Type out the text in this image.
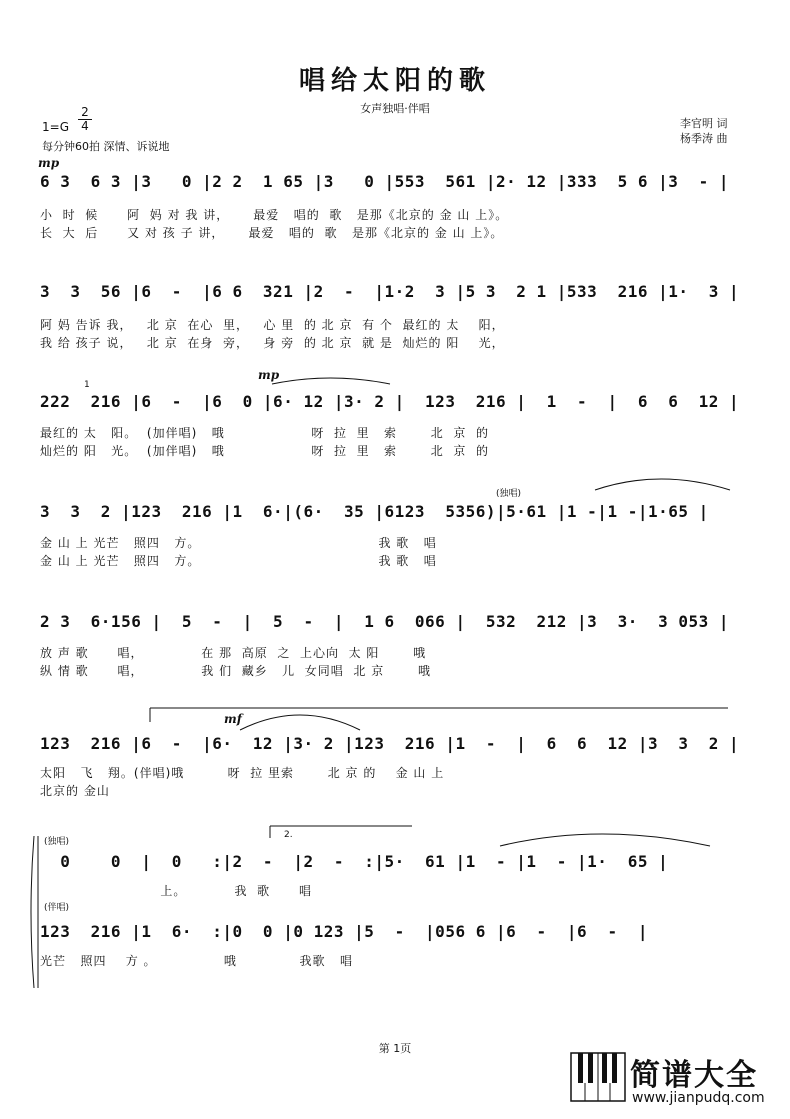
唱给太阳的歌
女声独唱·伴唱
1=G
2
4
每分钟60拍 深情、诉说地
李官明 词
杨季涛 曲
mp
mp
mf
(独唱)
(独唱)
(伴唱)
2.
1
6 3  6 3 |3   0 |2 2  1 65 |3   0 |553  561 |2· 12 |333  5 6 |3  - |
小  时  候      阿  妈 对 我 讲，     最爱   唱的  歌   是那《北京的 金 山 上》。
长  大  后      又 对 孩 子 讲，     最爱   唱的  歌   是那《北京的 金 山 上》。
3  3  56 |6  -  |6 6  321 |2  -  |1·2  3 |5 3  2 1 |533  216 |1·  3 |
阿 妈 告诉 我，   北 京  在心  里，   心 里  的 北 京  有 个  最红的 太    阳，
我 给 孩子 说，   北 京  在身  旁，   身 旁  的 北 京  就 是  灿烂的 阳    光，
222  216 |6  -  |6  0 |6· 12 |3· 2 |  123  216 |  1  -  |  6  6  12 |
最红的 太   阳。  (加伴唱)   哦                  呀  拉  里   索       北  京  的
灿烂的 阳   光。  (加伴唱)   哦                  呀  拉  里   索       北  京  的
3  3  2 |123  216 |1  6·|(6·  35 |6123  5356)|5·61 |1 -|1 -|1·65 |
金 山 上 光芒   照四   方。                                     我 歌   唱
金 山 上 光芒   照四   方。                                     我 歌   唱
2 3  6·156 |  5  -  |  5  -  |  1 6  066 |  532  212 |3  3·  3 053 |
放 声 歌      唱，            在 那  高原  之  上心向  太 阳       哦
纵 情 歌      唱，            我 们  藏乡   儿  女同唱  北 京       哦
123  216 |6  -  |6·  12 |3· 2 |123  216 |1  -  |  6  6  12 |3  3  2 |
太阳   飞   翔。(伴唱)哦         呀  拉 里索       北 京 的    金 山 上
北京的 金山
0    0  |  0   :|2  -  |2  -  :|5·  61 |1  - |1  - |1·  65 |
上。          我  歌      唱
123  216 |1  6·  :|0  0 |0 123 |5  -  |056 6 |6  -  |6  -  |
光芒   照四    方 。              哦             我歌   唱
第 1页
简谱大全
www.jianpudq.com
